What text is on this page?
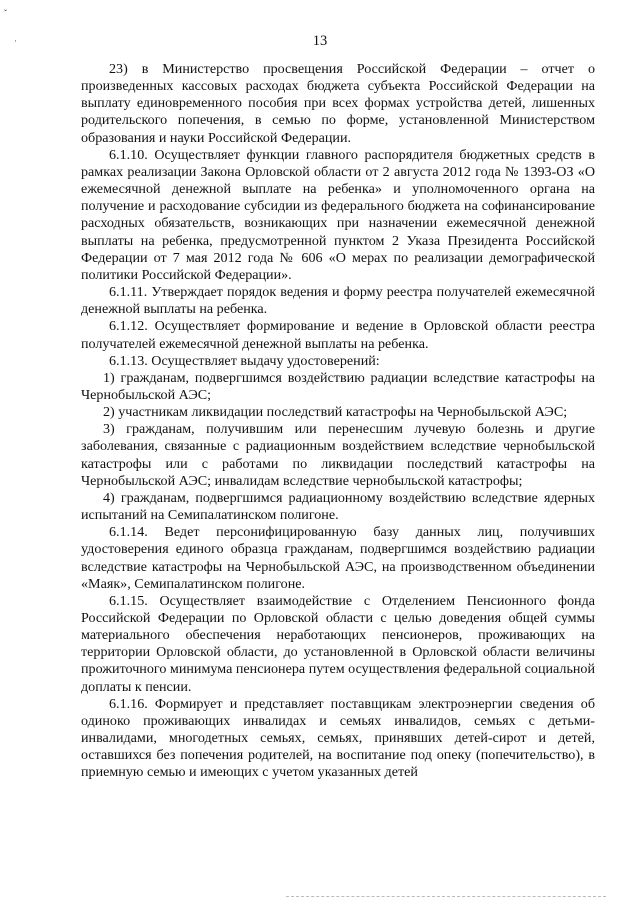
ˇ
·	13

23) в Министерство просвещения Российской Федерации – отчет о произведенных кассовых расходах бюджета субъекта Российской Федерации на выплату единовременного пособия при всех формах устройства детей, лишенных родительского попечения, в семью по форме, установленной Министерством образования и науки Российской Федерации.

6.1.10. Осуществляет функции главного распорядителя бюджетных средств в рамках реализации Закона Орловской области от 2 августа 2012 года № 1393-ОЗ «О ежемесячной денежной выплате на ребенка» и уполномоченного органа на получение и расходование субсидии из федерального бюджета на софинансирование расходных обязательств, возникающих при назначении ежемесячной денежной выплаты на ребенка, предусмотренной пунктом 2 Указа Президента Российской Федерации от 7 мая 2012 года № 606 «О мерах по реализации демографической политики Российской Федерации».

6.1.11. Утверждает порядок ведения и форму реестра получателей ежемесячной денежной выплаты на ребенка.

6.1.12. Осуществляет формирование и ведение в Орловской области реестра получателей ежемесячной денежной выплаты на ребенка.

6.1.13. Осуществляет выдачу удостоверений:

1) гражданам, подвергшимся воздействию радиации вследствие катастрофы на Чернобыльской АЭС;

2) участникам ликвидации последствий катастрофы на Чернобыльской АЭС;

3) гражданам, получившим или перенесшим лучевую болезнь и другие заболевания, связанные с радиационным воздействием вследствие чернобыльской катастрофы или с работами по ликвидации последствий катастрофы на Чернобыльской АЭС; инвалидам вследствие чернобыльской катастрофы;

4) гражданам, подвергшимся радиационному воздействию вследствие ядерных испытаний на Семипалатинском полигоне.

6.1.14. Ведет персонифицированную базу данных лиц, получивших удостоверения единого образца гражданам, подвергшимся воздействию радиации вследствие катастрофы на Чернобыльской АЭС, на производственном объединении «Маяк», Семипалатинском полигоне.

6.1.15. Осуществляет взаимодействие с Отделением Пенсионного фонда Российской Федерации по Орловской области с целью доведения общей суммы материального обеспечения неработающих пенсионеров, проживающих на территории Орловской области, до установленной в Орловской области величины прожиточного минимума пенсионера путем осуществления федеральной социальной доплаты к пенсии.

6.1.16. Формирует и представляет поставщикам электроэнергии сведения об одиноко проживающих инвалидах и семьях инвалидов, семьях с детьми-инвалидами, многодетных семьях, семьях, принявших детей-сирот и детей, оставшихся без попечения родителей, на воспитание под опеку (попечительство), в приемную семью и имеющих с учетом указанных детей
